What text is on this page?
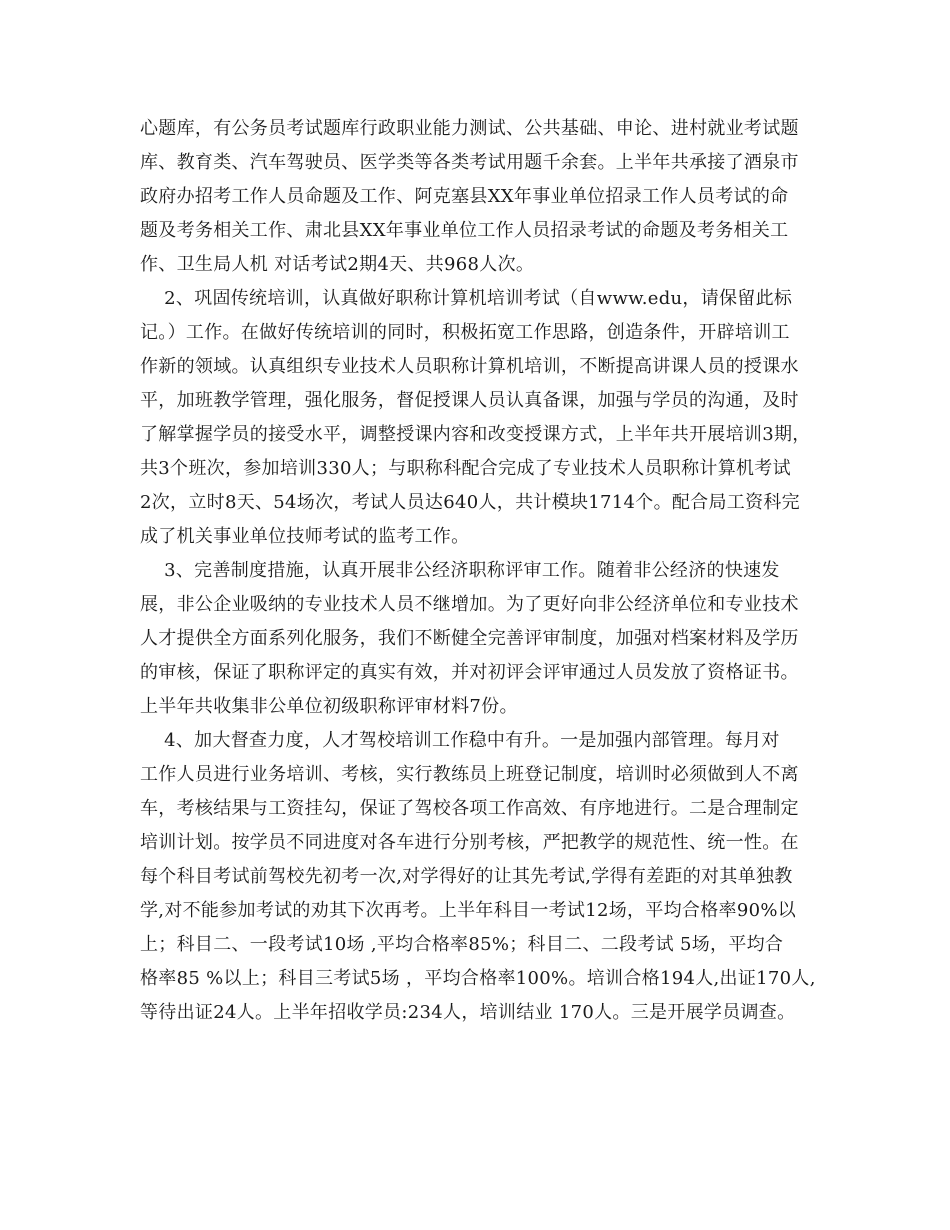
心题库，有公务员考试题库行政职业能力测试、公共基础、申论、进村就业考试题
库、教育类、汽车驾驶员、医学类等各类考试用题千余套。上半年共承接了酒泉市
政府办招考工作人员命题及工作、阿克塞县XX年事业单位招录工作人员考试的命
题及考务相关工作、肃北县XX年事业单位工作人员招录考试的命题及考务相关工
作、卫生局人机 对话考试2期4天、共968人次。
2、巩固传统培训，认真做好职称计算机培训考试（自www.edu，请保留此标
记。）工作。在做好传统培训的同时，积极拓宽工作思路，创造条件，开辟培训工
作新的领域。认真组织专业技术人员职称计算机培训，不断提高讲课人员的授课水
平，加班教学管理，强化服务，督促授课人员认真备课，加强与学员的沟通，及时
了解掌握学员的接受水平，调整授课内容和改变授课方式，上半年共开展培训3期，
共3个班次，参加培训330人；与职称科配合完成了专业技术人员职称计算机考试
2次，立时8天、54场次，考试人员达640人，共计模块1714个。配合局工资科完
成了机关事业单位技师考试的监考工作。
3、完善制度措施，认真开展非公经济职称评审工作。随着非公经济的快速发
展，非公企业吸纳的专业技术人员不继增加。为了更好向非公经济单位和专业技术
人才提供全方面系列化服务，我们不断健全完善评审制度，加强对档案材料及学历
的审核，保证了职称评定的真实有效，并对初评会评审通过人员发放了资格证书。
上半年共收集非公单位初级职称评审材料7份。
4、加大督查力度，人才驾校培训工作稳中有升。一是加强内部管理。每月对
工作人员进行业务培训、考核，实行教练员上班登记制度，培训时必须做到人不离
车，考核结果与工资挂勾，保证了驾校各项工作高效、有序地进行。二是合理制定
培训计划。按学员不同进度对各车进行分别考核，严把教学的规范性、统一性。在
每个科目考试前驾校先初考一次,对学得好的让其先考试,学得有差距的对其单独教
学,对不能参加考试的劝其下次再考。上半年科目一考试12场，平均合格率90%以
上；科目二、一段考试10场 ,平均合格率85%；科目二、二段考试 5场，平均合
格率85 %以上；科目三考试5场 ，平均合格率100%。培训合格194人,出证170人,
等待出证24人。上半年招收学员:234人，培训结业 170人。三是开展学员调查。
